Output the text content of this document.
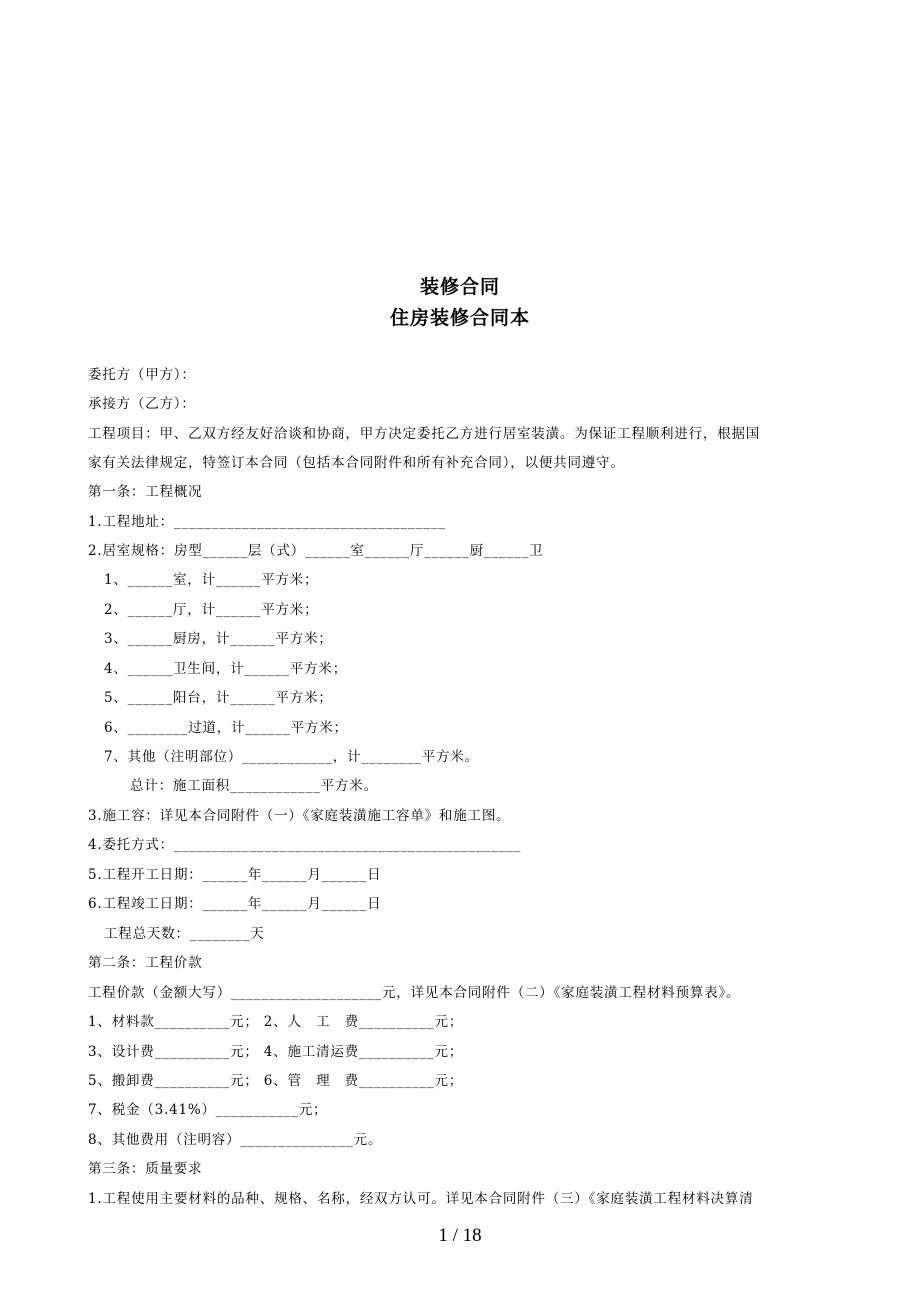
装修合同
住房装修合同本
委托方（甲方）：
承接方（乙方）：
工程项目：甲、乙双方经友好洽谈和协商，甲方决定委托乙方进行居室装潢。为保证工程顺利进行，根据国
家有关法律规定，特签订本合同（包括本合同附件和所有补充合同），以便共同遵守。
第一条：工程概况
1.工程地址：____________________________________
2.居室规格：房型______层（式）______室______厅______厨______卫
1、______室，计______平方米；
2、______厅，计______平方米；
3、______厨房，计______平方米；
4、______卫生间，计______平方米；
5、______阳台，计______平方米；
6、________过道，计______平方米；
7、其他（注明部位）____________，计________平方米。
总计：施工面积____________平方米。
3.施工容：详见本合同附件（一）《家庭装潢施工容单》和施工图。
4.委托方式：______________________________________________
5.工程开工日期：______年______月______日
6.工程竣工日期：______年______月______日
工程总天数：________天
第二条：工程价款
工程价款（金额大写）____________________元，详见本合同附件（二）《家庭装潢工程材料预算表》。
1、材料款__________元； 2、人　工　费__________元；
3、设计费__________元； 4、施工清运费__________元；
5、搬卸费__________元； 6、管　理　费__________元；
7、税金（3.41%）___________元；
8、其他费用（注明容）_______________元。
第三条：质量要求
1.工程使用主要材料的品种、规格、名称，经双方认可。详见本合同附件（三）《家庭装潢工程材料决算清
1 / 18
